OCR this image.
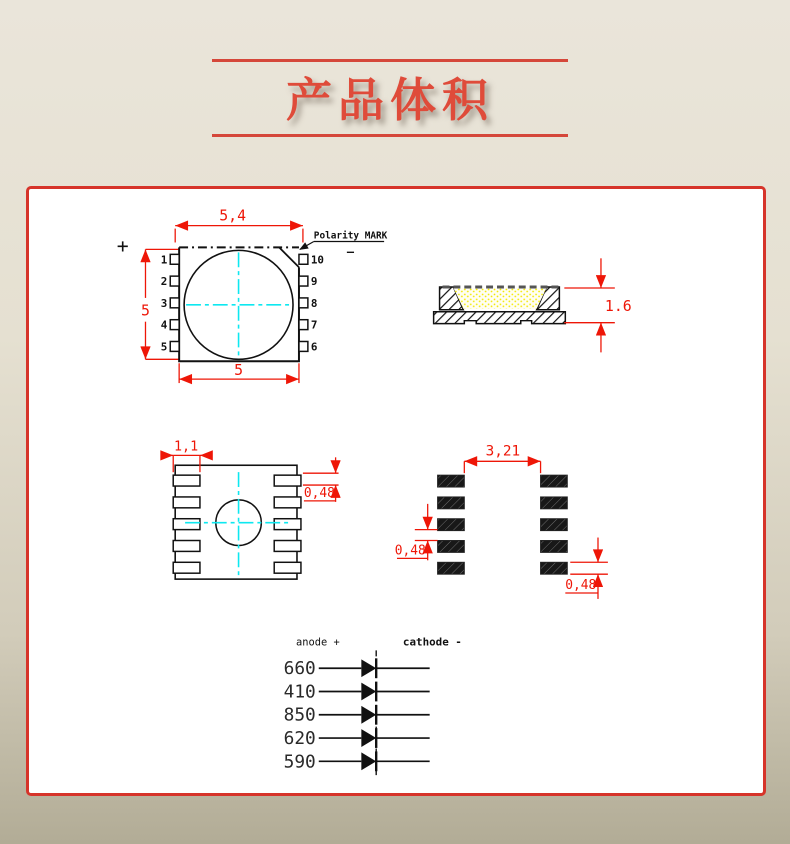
产品体积
+
5,4
5
1
2
3
4
5
10
9
8
7
6
5
Polarity MARK
—
1.6
1,1
0,48
3,21
0,48
0,48
anode +	cathode -
660
410
850
620
590
